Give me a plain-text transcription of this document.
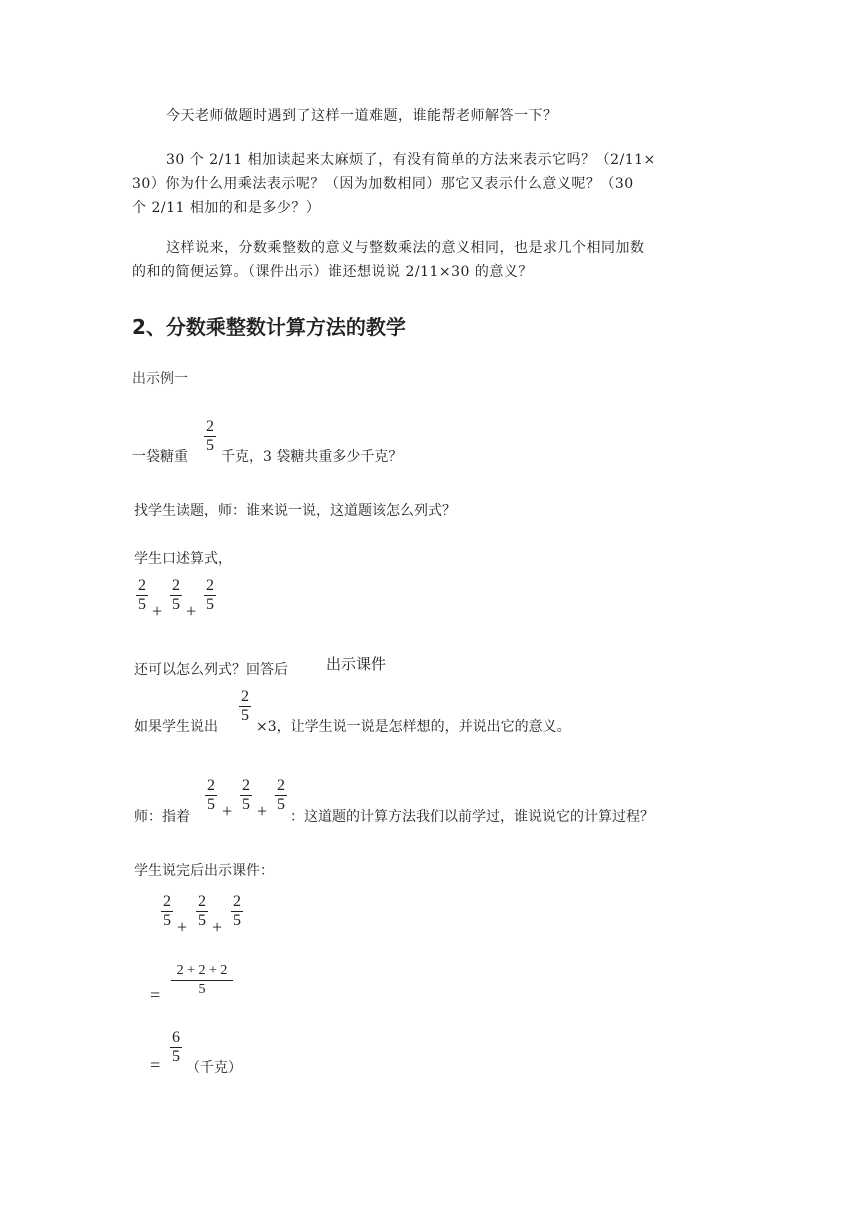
今天老师做题时遇到了这样一道难题，谁能帮老师解答一下？
30 个 2/11 相加读起来太麻烦了，有没有简单的方法来表示它吗？（2/11×
30）你为什么用乘法表示呢？（因为加数相同）那它又表示什么意义呢？（30
个 2/11 相加的和是多少？）
这样说来，分数乘整数的意义与整数乘法的意义相同，也是求几个相同加数
的和的简便运算。（课件出示）谁还想说说 2/11×30 的意义？
2、分数乘整数计算方法的教学
出示例一
一袋糖重
2
5
千克，3 袋糖共重多少千克？
找学生读题，师：谁来说一说，这道题该怎么列式？
学生口述算式，
2
5 +
2
5 +
2
5
还可以怎么列式？回答后	出示课件
如果学生说出
2
5
×3，让学生说一说是怎样想的，并说出它的意义。
师：指着
2
5 +
2
5 +
2
5
：这道题的计算方法我们以前学过，谁说说它的计算过程？
学生说完后出示课件：
2
5 +
2
5 +
2
5
=
2 + 2 + 2
5
=
6
5
（千克）
